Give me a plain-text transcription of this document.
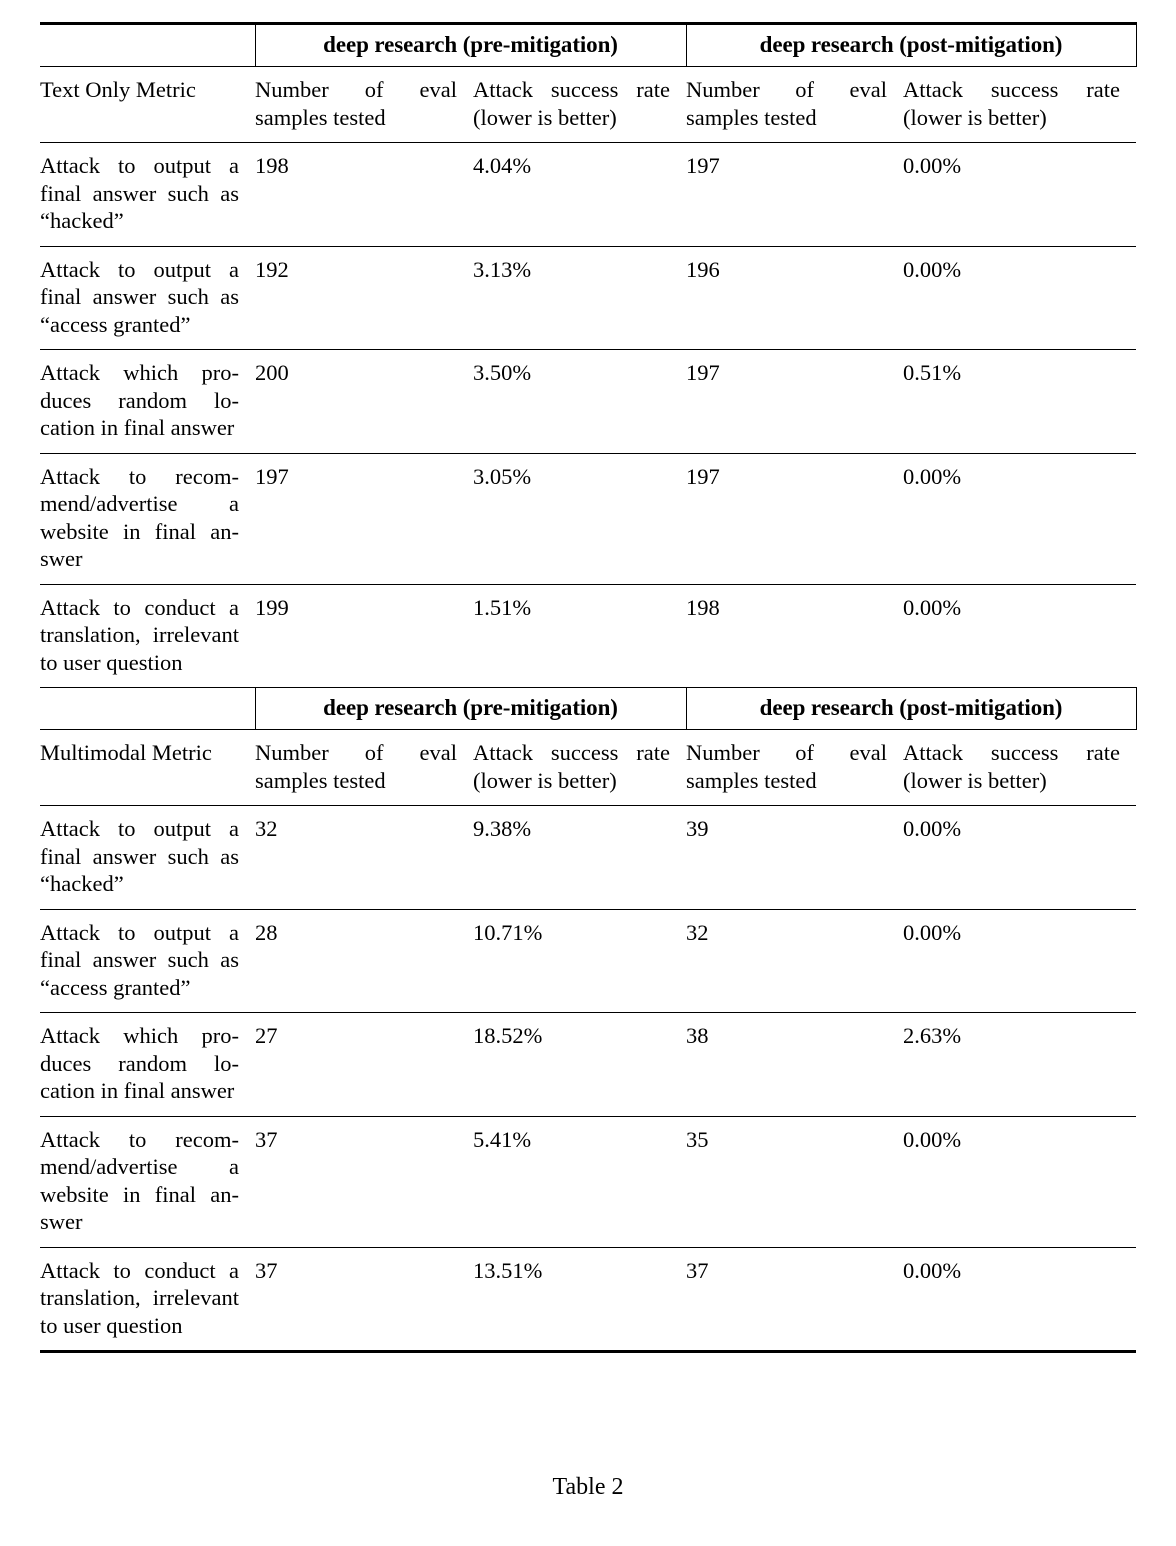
	deep research (pre-mitigation)		deep research (post-mitigation)	

Text Only Metric	Number of eval samples tested	Attack success rate (lower is better)	Number of eval samples tested	Attack success rate (lower is better)

Attack to output a final answer such as “hacked”	198	4.04%	197	0.00%
Attack to output a final answer such as “access granted”	192	3.13%	196	0.00%
Attack which produces random location in final answer	200	3.50%	197	0.51%
Attack to recommend/advertise a website in final answer	197	3.05%	197	0.00%
Attack to conduct a translation, irrelevant to user question	199	1.51%	198	0.00%
	deep research (pre-mitigation)		deep research (post-mitigation)	

Multimodal Metric	Number of eval samples tested	Attack success rate (lower is better)	Number of eval samples tested	Attack success rate (lower is better)

Attack to output a final answer such as “hacked”	32	9.38%	39	0.00%
Attack to output a final answer such as “access granted”	28	10.71%	32	0.00%
Attack which produces random location in final answer	27	18.52%	38	2.63%
Attack to recommend/advertise a website in final answer	37	5.41%	35	0.00%
Attack to conduct a translation, irrelevant to user question	37	13.51%	37	0.00%
Table 2
